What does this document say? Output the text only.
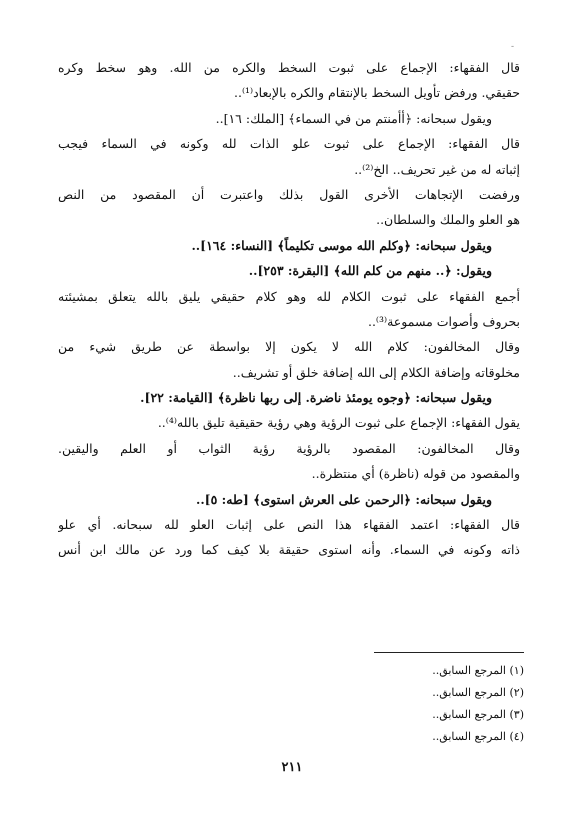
-
قال الفقهاء: الإجماع على ثبوت السخط والكره من الله. وهو سخط وكره
حقيقي. ورفض تأويل السخط بالإنتقام والكره بالإبعاد⁽¹⁾..
ويقول سبحانه: ﴿أأمنتم من في السماء﴾ [الملك: ١٦]..
قال الفقهاء: الإجماع على ثبوت علو الذات لله وكونه في السماء فيجب
إثباته له من غير تحريف.. الخ⁽²⁾..
ورفضت الإتجاهات الأخرى القول بذلك واعتبرت أن المقصود من النص
هو العلو والملك والسلطان..
ويقول سبحانه: ﴿وكلم الله موسى تكليماً﴾ [النساء: ١٦٤]..
ويقول: ﴿.. منهم من كلم الله﴾ [البقرة: ٢٥٣]..
أجمع الفقهاء على ثبوت الكلام لله وهو كلام حقيقي يليق بالله يتعلق بمشيئته
بحروف وأصوات مسموعة⁽³⁾..
وقال المخالفون: كلام الله لا يكون إلا بواسطة عن طريق شيء من
مخلوقاته وإضافة الكلام إلى الله إضافة خلق أو تشريف..
ويقول سبحانه: ﴿وجوه يومئذ ناضرة. إلى ربها ناظرة﴾ [القيامة: ٢٢].
يقول الفقهاء: الإجماع على ثبوت الرؤية وهي رؤية حقيقية تليق بالله⁽⁴⁾..
وقال المخالفون: المقصود بالرؤية رؤية الثواب أو العلم واليقين.
والمقصود من قوله (ناظرة) أي منتظرة..
ويقول سبحانه: ﴿الرحمن على العرش استوى﴾ [طه: ٥]..
قال الفقهاء: اعتمد الفقهاء هذا النص على إثبات العلو لله سبحانه. أي علو
ذاته وكونه في السماء. وأنه استوى حقيقة بلا كيف كما ورد عن مالك ابن أنس
(١) المرجع السابق..
(٢) المرجع السابق..
(٣) المرجع السابق..
(٤) المرجع السابق..
٢١١
